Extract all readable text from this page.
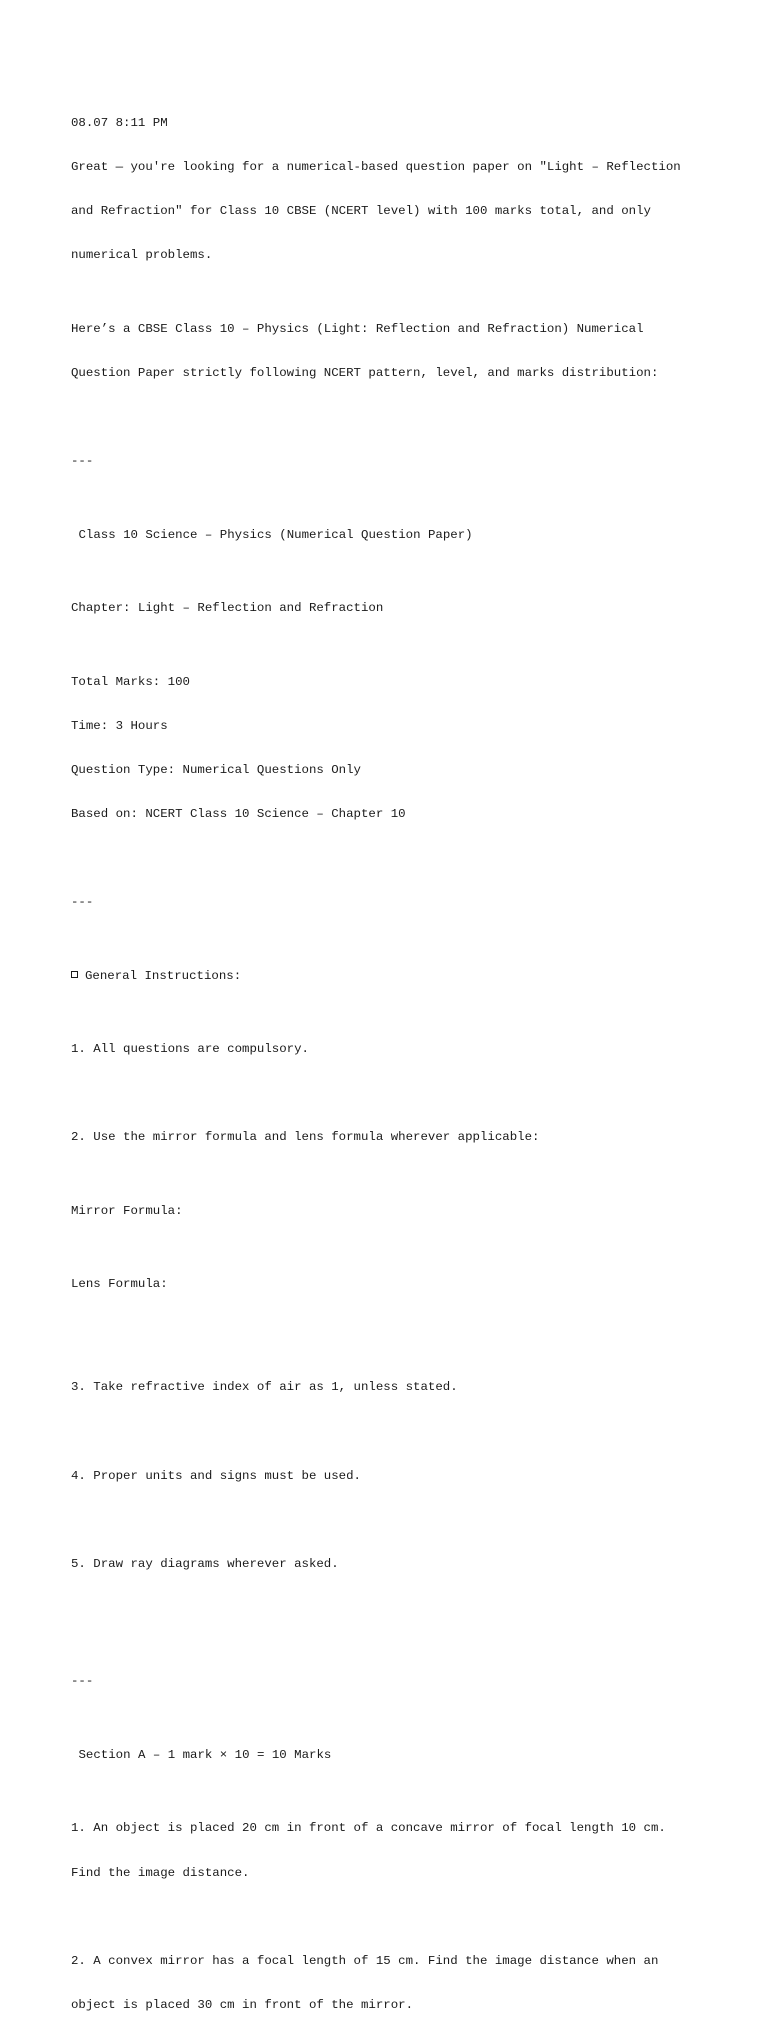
08.07 8:11 PM

Great — you're looking for a numerical-based question paper on "Light – Reflection

and Refraction" for Class 10 CBSE (NCERT level) with 100 marks total, and only

numerical problems.

Here’s a CBSE Class 10 – Physics (Light: Reflection and Refraction) Numerical

Question Paper strictly following NCERT pattern, level, and marks distribution:

---

Class 10 Science – Physics (Numerical Question Paper)

Chapter: Light – Reflection and Refraction

Total Marks: 100

Time: 3 Hours

Question Type: Numerical Questions Only

Based on: NCERT Class 10 Science – Chapter 10

---

General Instructions:

1. All questions are compulsory.

2. Use the mirror formula and lens formula wherever applicable:

Mirror Formula:

Lens Formula:

3. Take refractive index of air as 1, unless stated.

4. Proper units and signs must be used.

5. Draw ray diagrams wherever asked.

---

Section A – 1 mark × 10 = 10 Marks

1. An object is placed 20 cm in front of a concave mirror of focal length 10 cm.

Find the image distance.

2. A convex mirror has a focal length of 15 cm. Find the image distance when an

object is placed 30 cm in front of the mirror.
